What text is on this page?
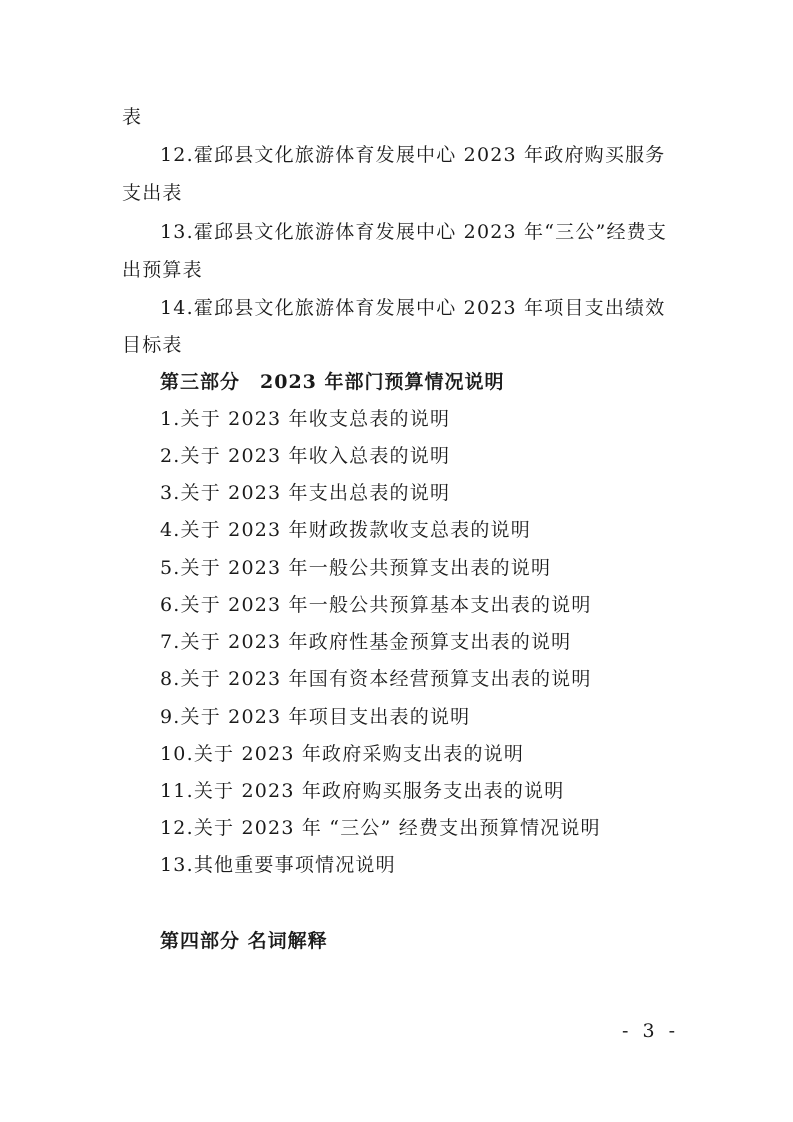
表
12.霍邱县文化旅游体育发展中心 2023 年政府购买服务
支出表
13.霍邱县文化旅游体育发展中心 2023 年“三公”经费支
出预算表
14.霍邱县文化旅游体育发展中心 2023 年项目支出绩效
目标表
第三部分　2023 年部门预算情况说明
1.关于 2023 年收支总表的说明
2.关于 2023 年收入总表的说明
3.关于 2023 年支出总表的说明
4.关于 2023 年财政拨款收支总表的说明
5.关于 2023 年一般公共预算支出表的说明
6.关于 2023 年一般公共预算基本支出表的说明
7.关于 2023 年政府性基金预算支出表的说明
8.关于 2023 年国有资本经营预算支出表的说明
9.关于 2023 年项目支出表的说明
10.关于 2023 年政府采购支出表的说明
11.关于 2023 年政府购买服务支出表的说明
12.关于 2023 年 “三公” 经费支出预算情况说明
13.其他重要事项情况说明
第四部分 名词解释
- 3 -
